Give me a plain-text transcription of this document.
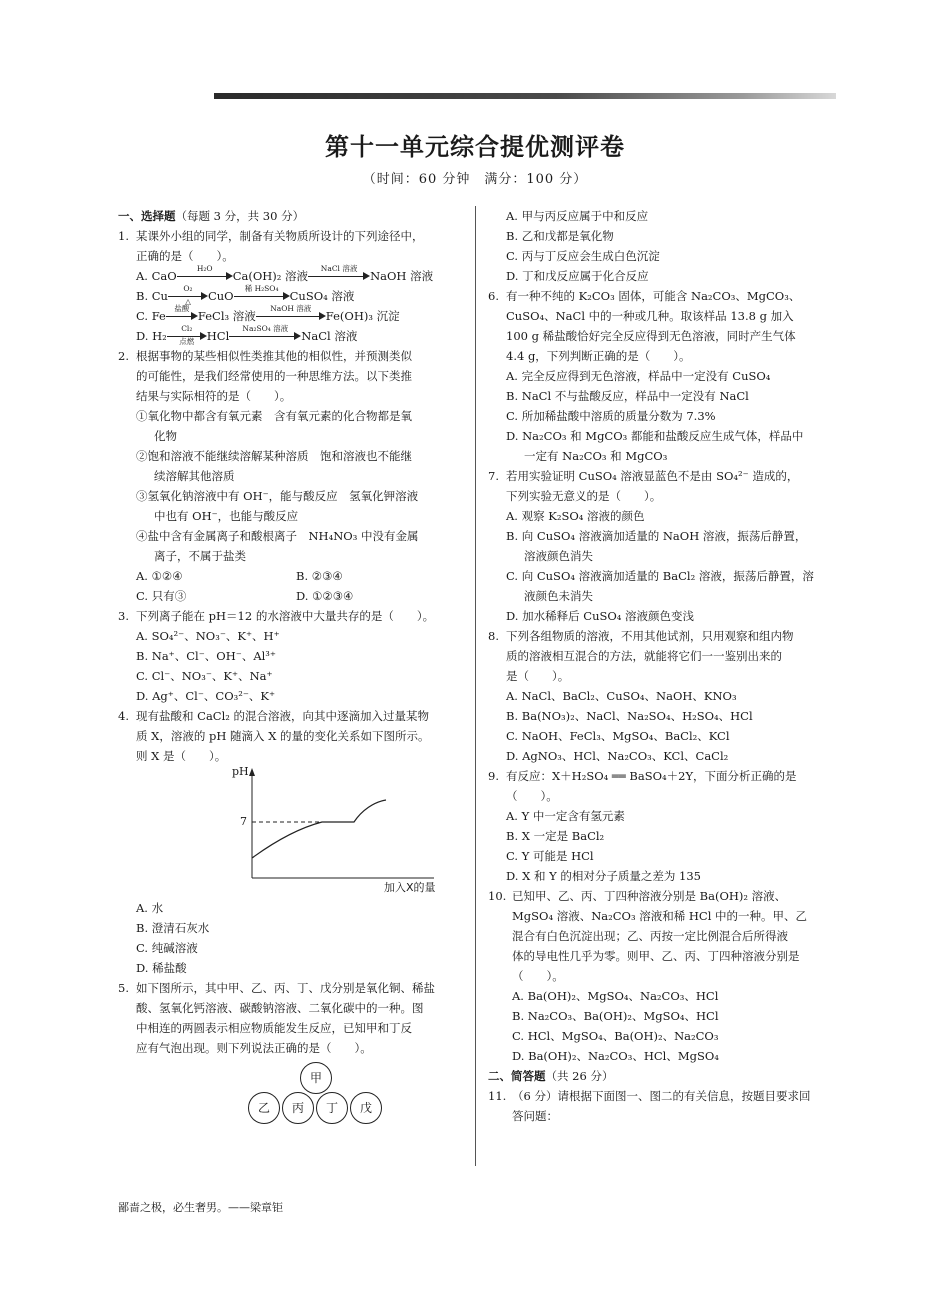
第十一单元综合提优测评卷
（时间：60 分钟　满分：100 分）
一、选择题（每题 3 分，共 30 分）
1. 某课外小组的同学，制备有关物质所设计的下列途径中，
正确的是（　　）。
A. CaO
H₂O
Ca(OH)₂ 溶液
NaCl 溶液
NaOH 溶液
B. Cu
O₂
△	CuO
稀 H₂SO₄
CuSO₄ 溶液
C. Fe
盐酸
FeCl₃ 溶液
NaOH 溶液
Fe(OH)₃ 沉淀
D. H₂
Cl₂
点燃	HCl
Na₂SO₄ 溶液
NaCl 溶液
2. 根据事物的某些相似性类推其他的相似性，并预测类似
的可能性，是我们经常使用的一种思维方法。以下类推
结果与实际相符的是（　　）。
①氧化物中都含有氧元素　含有氧元素的化合物都是氧
化物
②饱和溶液不能继续溶解某种溶质　饱和溶液也不能继
续溶解其他溶质
③氢氧化钠溶液中有 OH⁻，能与酸反应　氢氧化钾溶液
中也有 OH⁻，也能与酸反应
④盐中含有金属离子和酸根离子　NH₄NO₃ 中没有金属
离子，不属于盐类
A. ①②④	B. ②③④
C. 只有③	D. ①②③④
3. 下列离子能在 pH＝12 的水溶液中大量共存的是（　　）。
A. SO₄²⁻、NO₃⁻、K⁺、H⁺
B. Na⁺、Cl⁻、OH⁻、Al³⁺
C. Cl⁻、NO₃⁻、K⁺、Na⁺
D. Ag⁺、Cl⁻、CO₃²⁻、K⁺
4. 现有盐酸和 CaCl₂ 的混合溶液，向其中逐滴加入过量某物
质 X，溶液的 pH 随滴入 X 的量的变化关系如下图所示。
则 X 是（　　）。
pH
7
加入X的量
A. 水
B. 澄清石灰水
C. 纯碱溶液
D. 稀盐酸
5. 如下图所示，其中甲、乙、丙、丁、戊分别是氧化铜、稀盐
酸、氢氧化钙溶液、碳酸钠溶液、二氧化碳中的一种。图
中相连的两圆表示相应物质能发生反应，已知甲和丁反
应有气泡出现。则下列说法正确的是（　　）。
甲
乙	丙	丁	戊
A. 甲与丙反应属于中和反应
B. 乙和戊都是氧化物
C. 丙与丁反应会生成白色沉淀
D. 丁和戊反应属于化合反应
6. 有一种不纯的 K₂CO₃ 固体，可能含 Na₂CO₃、MgCO₃、
CuSO₄、NaCl 中的一种或几种。取该样品 13.8 g 加入
100 g 稀盐酸恰好完全反应得到无色溶液，同时产生气体
4.4 g，下列判断正确的是（　　）。
A. 完全反应得到无色溶液，样品中一定没有 CuSO₄
B. NaCl 不与盐酸反应，样品中一定没有 NaCl
C. 所加稀盐酸中溶质的质量分数为 7.3%
D. Na₂CO₃ 和 MgCO₃ 都能和盐酸反应生成气体，样品中
一定有 Na₂CO₃ 和 MgCO₃
7. 若用实验证明 CuSO₄ 溶液显蓝色不是由 SO₄²⁻ 造成的，
下列实验无意义的是（　　）。
A. 观察 K₂SO₄ 溶液的颜色
B. 向 CuSO₄ 溶液滴加适量的 NaOH 溶液，振荡后静置，
溶液颜色消失
C. 向 CuSO₄ 溶液滴加适量的 BaCl₂ 溶液，振荡后静置，溶
液颜色未消失
D. 加水稀释后 CuSO₄ 溶液颜色变浅
8. 下列各组物质的溶液，不用其他试剂，只用观察和组内物
质的溶液相互混合的方法，就能将它们一一鉴别出来的
是（　　）。
A. NaCl、BaCl₂、CuSO₄、NaOH、KNO₃
B. Ba(NO₃)₂、NaCl、Na₂SO₄、H₂SO₄、HCl
C. NaOH、FeCl₃、MgSO₄、BaCl₂、KCl
D. AgNO₃、HCl、Na₂CO₃、KCl、CaCl₂
9. 有反应：X＋H₂SO₄ ══ BaSO₄＋2Y，下面分析正确的是
（　　）。
A. Y 中一定含有氢元素
B. X 一定是 BaCl₂
C. Y 可能是 HCl
D. X 和 Y 的相对分子质量之差为 135
10. 已知甲、乙、丙、丁四种溶液分别是 Ba(OH)₂ 溶液、
MgSO₄ 溶液、Na₂CO₃ 溶液和稀 HCl 中的一种。甲、乙
混合有白色沉淀出现；乙、丙按一定比例混合后所得液
体的导电性几乎为零。则甲、乙、丙、丁四种溶液分别是
（　　）。
A. Ba(OH)₂、MgSO₄、Na₂CO₃、HCl
B. Na₂CO₃、Ba(OH)₂、MgSO₄、HCl
C. HCl、MgSO₄、Ba(OH)₂、Na₂CO₃
D. Ba(OH)₂、Na₂CO₃、HCl、MgSO₄
二、简答题（共 26 分）
11. （6 分）请根据下面图一、图二的有关信息，按题目要求回
答问题：
鄙啬之极，必生奢男。——梁章钜
